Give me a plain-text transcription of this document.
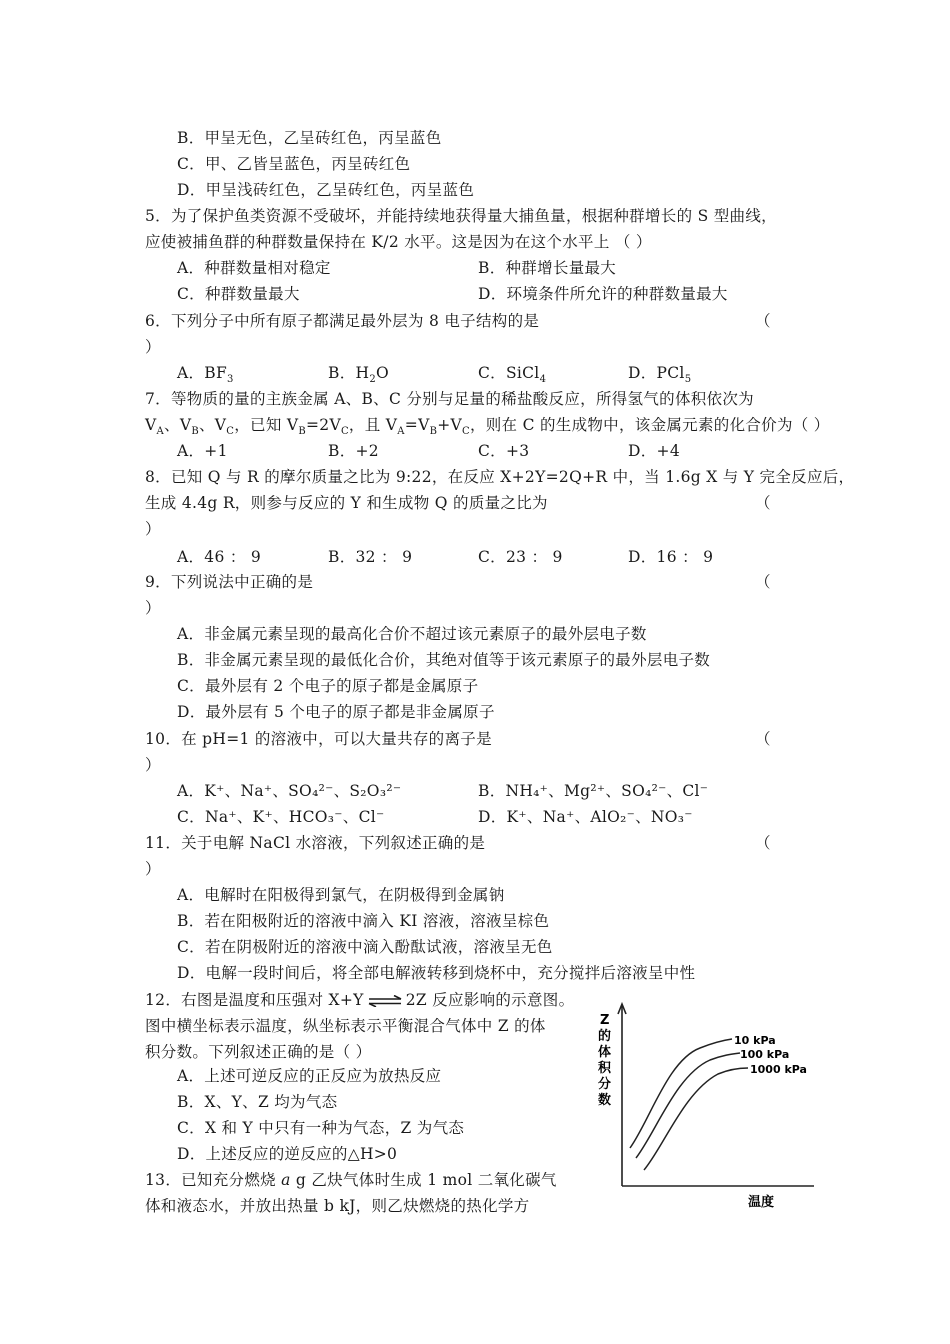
B．甲呈无色，乙呈砖红色，丙呈蓝色
C．甲、乙皆呈蓝色，丙呈砖红色
D．甲呈浅砖红色，乙呈砖红色，丙呈蓝色
5．为了保护鱼类资源不受破坏，并能持续地获得量大捕鱼量，根据种群增长的 S 型曲线，
应使被捕鱼群的种群数量保持在 K/2 水平。这是因为在这个水平上 （ ）
A．种群数量相对稳定	B．种群增长量最大
C．种群数量最大	D．环境条件所允许的种群数量最大
6．下列分子中所有原子都满足最外层为 8 电子结构的是	（
）
A．$BF_3$	B．$H_2O$	C．SiCl$_4$	D．PCl$_5$
7．等物质的量的主族金属 A、B、C 分别与足量的稀盐酸反应，所得氢气的体积依次为
$V_A$、$V_B$、$V_C$，已知 $V_B=2V_C$，且 $V_A=V_B+V_C$，则在 C 的生成物中，该金属元素的化合价为（ ）
A．+1	B．+2	C．+3	D．+4
8．已知 Q 与 R 的摩尔质量之比为 9:22，在反应 X+2Y=2Q+R 中，当 1.6g X 与 Y 完全反应后，
生成 4.4g R，则参与反应的 Y 和生成物 Q 的质量之比为	（
）
A．46 ： 9	B．32 ： 9	C．23 ： 9	D．16 ： 9
9．下列说法中正确的是	（
）
A．非金属元素呈现的最高化合价不超过该元素原子的最外层电子数
B．非金属元素呈现的最低化合价，其绝对值等于该元素原子的最外层电子数
C．最外层有 2 个电子的原子都是金属原子
D．最外层有 5 个电子的原子都是非金属原子
10．在 pH=1 的溶液中，可以大量共存的离子是	（
）
A．K⁺、Na⁺、SO₄²⁻、S₂O₃²⁻	B．NH₄⁺、Mg²⁺、SO₄²⁻、Cl⁻
C．Na⁺、K⁺、HCO₃⁻、Cl⁻	D．K⁺、Na⁺、AlO₂⁻、NO₃⁻
11．关于电解 NaCl 水溶液，下列叙述正确的是	（
）
A．电解时在阳极得到氯气，在阴极得到金属钠
B．若在阳极附近的溶液中滴入 KI 溶液，溶液呈棕色
C．若在阴极附近的溶液中滴入酚酞试液，溶液呈无色
D．电解一段时间后，将全部电解液转移到烧杯中，充分搅拌后溶液呈中性
12．右图是温度和压强对 X+Y ⇌ 2Z 反应影响的示意图。
图中横坐标表示温度，纵坐标表示平衡混合气体中 Z 的体
积分数。下列叙述正确的是（ ）
A．上述可逆反应的正反应为放热反应
B．X、Y、Z 均为气态
C．X 和 Y 中只有一种为气态，Z 为气态
D．上述反应的逆反应的△H>0
13．已知充分燃烧 a g 乙炔气体时生成 1 mol 二氧化碳气
体和液态水，并放出热量 b kJ，则乙炔燃烧的热化学方
Z
的
体
积
分
数
温度
10 kPa
100 kPa
1000 kPa
